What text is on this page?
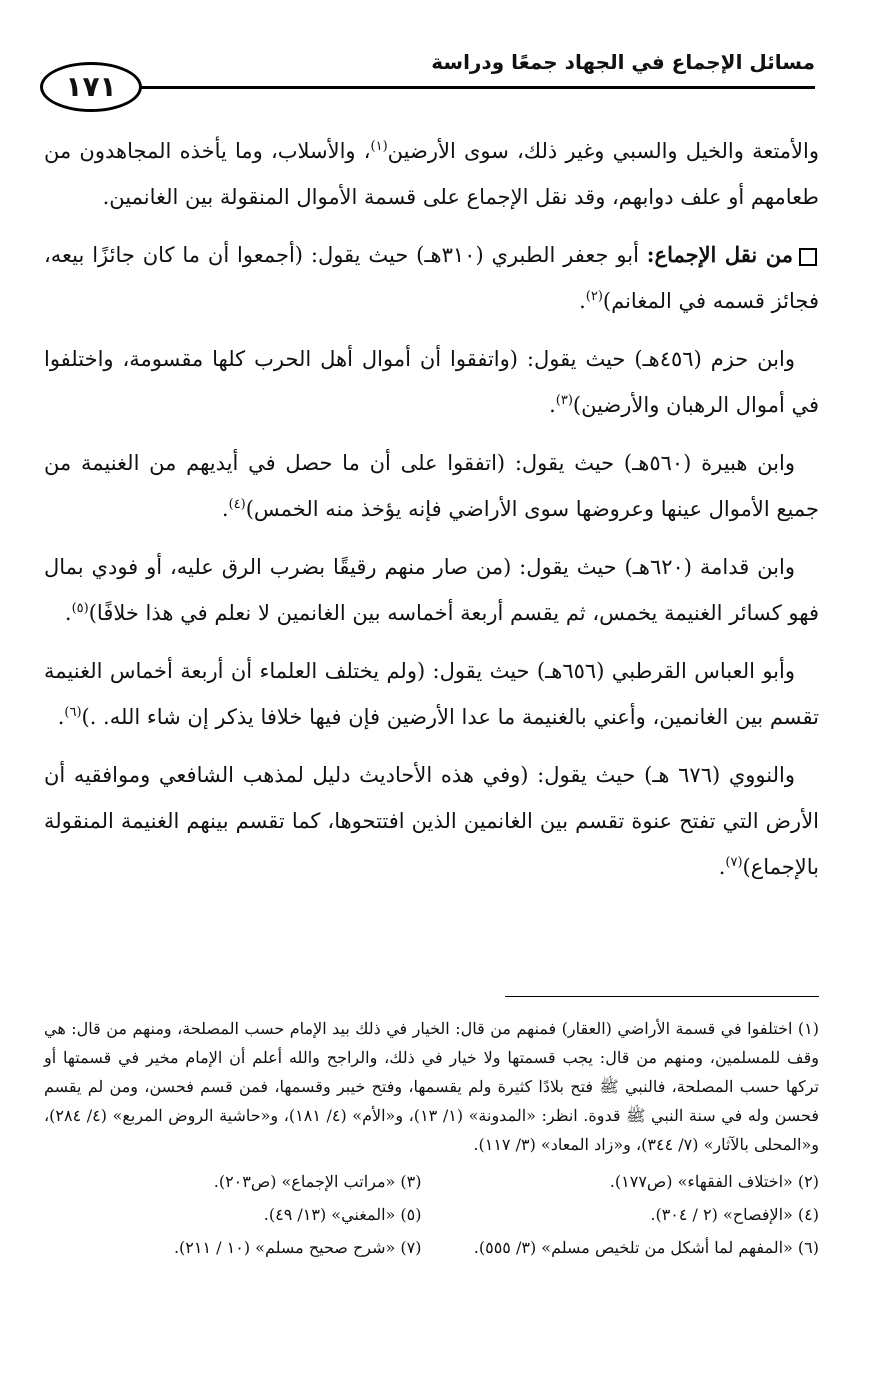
مسائل الإجماع في الجهاد جمعًا ودراسة
١٧١

والأمتعة والخيل والسبي وغير ذلك، سوى الأرضين$^{(١)}$، والأسلاب، وما يأخذه المجاهدون من طعامهم أو علف دوابهم، وقد نقل الإجماع على قسمة الأموال المنقولة بين الغانمين.

من نقل الإجماع: أبو جعفر الطبري (٣١٠هـ) حيث يقول: (أجمعوا أن ما كان جائزًا بيعه، فجائز قسمه في المغانم)$^{(٢)}$.

وابن حزم (٤٥٦هـ) حيث يقول: (واتفقوا أن أموال أهل الحرب كلها مقسومة، واختلفوا في أموال الرهبان والأرضين)$^{(٣)}$.

وابن هبيرة (٥٦٠هـ) حيث يقول: (اتفقوا على أن ما حصل في أيديهم من الغنيمة من جميع الأموال عينها وعروضها سوى الأراضي فإنه يؤخذ منه الخمس)$^{(٤)}$.

وابن قدامة (٦٢٠هـ) حيث يقول: (من صار منهم رقيقًا بضرب الرق عليه، أو فودي بمال فهو كسائر الغنيمة يخمس، ثم يقسم أربعة أخماسه بين الغانمين لا نعلم في هذا خلافًا)$^{(٥)}$.

وأبو العباس القرطبي (٦٥٦هـ) حيث يقول: (ولم يختلف العلماء أن أربعة أخماس الغنيمة تقسم بين الغانمين، وأعني بالغنيمة ما عدا الأرضين فإن فيها خلافا يذكر إن شاء الله. .)$^{(٦)}$.

والنووي (٦٧٦ هـ) حيث يقول: (وفي هذه الأحاديث دليل لمذهب الشافعي وموافقيه أن الأرض التي تفتح عنوة تقسم بين الغانمين الذين افتتحوها، كما تقسم بينهم الغنيمة المنقولة بالإجماع)$^{(٧)}$.

(١) اختلفوا في قسمة الأراضي (العقار) فمنهم من قال: الخيار في ذلك بيد الإمام حسب المصلحة، ومنهم من قال: هي وقف للمسلمين، ومنهم من قال: يجب قسمتها ولا خيار في ذلك، والراجح والله أعلم أن الإمام مخير في قسمتها أو تركها حسب المصلحة، فالنبي ﷺ فتح بلادًا كثيرة ولم يقسمها، وفتح خيبر وقسمها، فمن قسم فحسن، ومن لم يقسم فحسن وله في سنة النبي ﷺ قدوة. انظر: «المدونة» (١/ ١٣)، و«الأم» (٤/ ١٨١)، و«حاشية الروض المربع» (٤/ ٢٨٤)، و«المحلى بالآثار» (٧/ ٣٤٤)، و«زاد المعاد» (٣/ ١١٧).
(٢) «اختلاف الفقهاء» (ص١٧٧).
(٣) «مراتب الإجماع» (ص٢٠٣).
(٤) «الإفصاح» (٢ / ٣٠٤).
(٥) «المغني» (١٣/ ٤٩).
(٦) «المفهم لما أشكل من تلخيص مسلم» (٣/ ٥٥٥).
(٧) «شرح صحيح مسلم» (١٠ / ٢١١).
